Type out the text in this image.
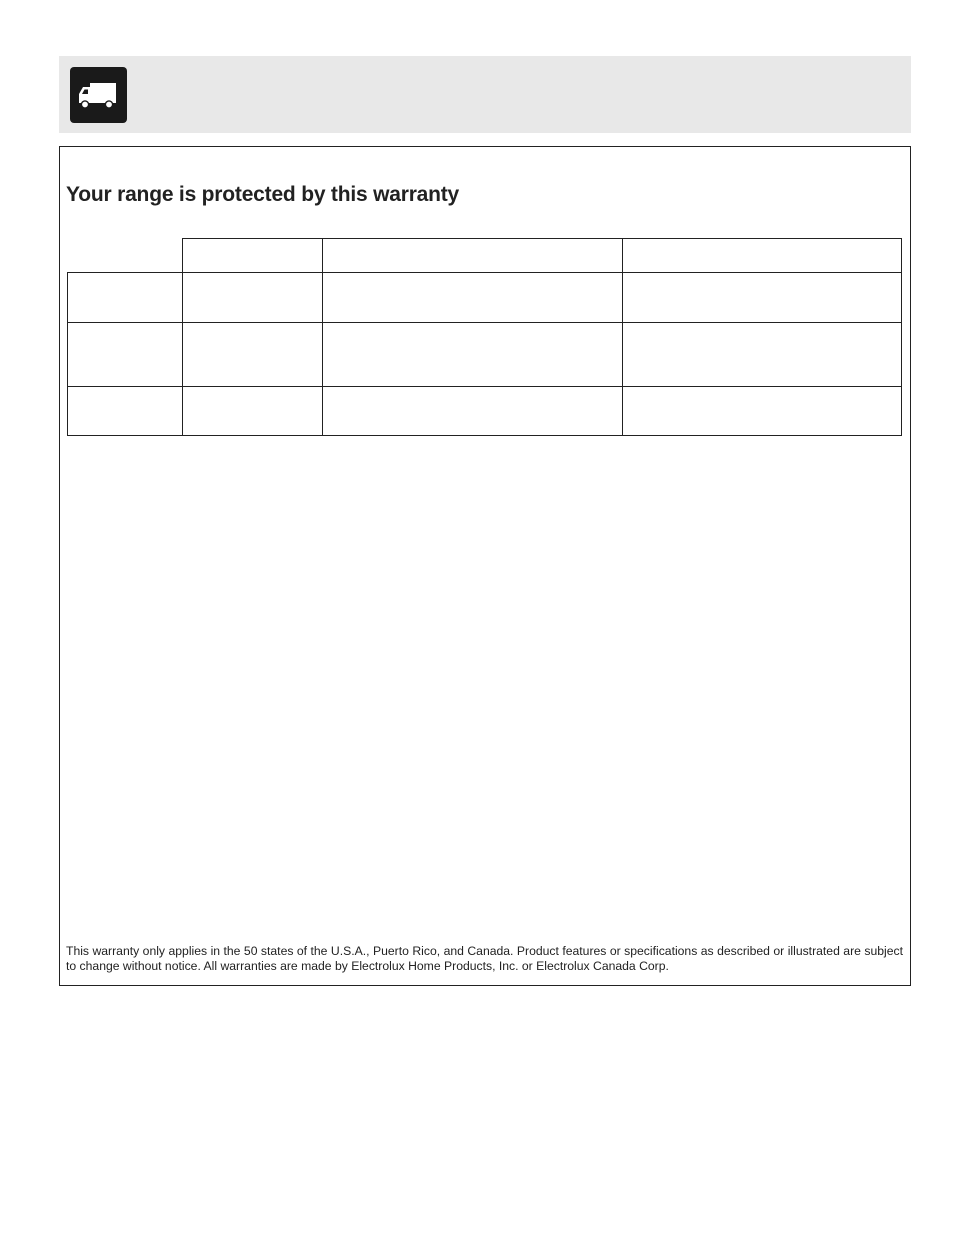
Your range is protected by this warranty

This warranty only applies in the 50 states of the U.S.A., Puerto Rico, and Canada. Product features or specifications as described or illustrated are subject to change without notice. All warranties are made by Electrolux Home Products, Inc. or Electrolux Canada Corp.
